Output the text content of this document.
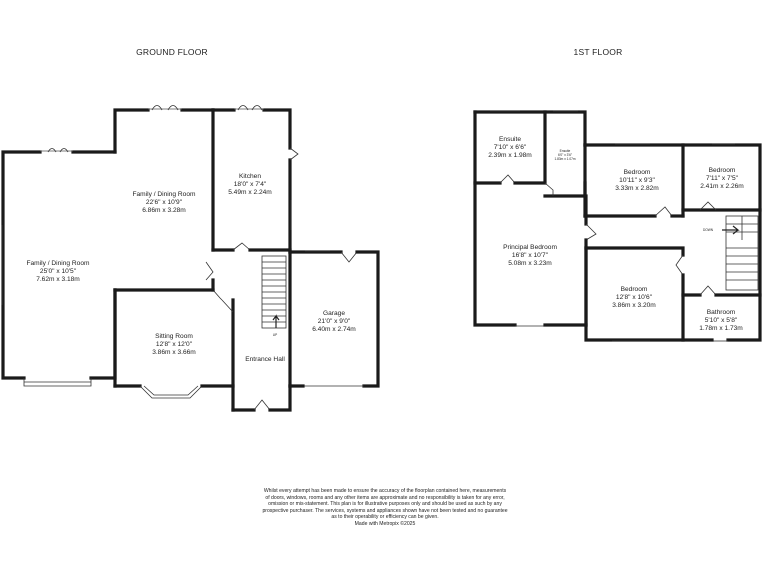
GROUND FLOOR	1ST FLOOR
Family / Dining Room
25'0" x 10'5"
7.62m x 3.18m
Family / Dining Room
22'6" x 10'9"
6.86m x 3.28m
Kitchen
18'0" x 7'4"
5.49m x 2.24m
Sitting Room
12'8" x 12'0"
3.86m x 3.66m
Entrance Hall
UP
Garage
21'0" x 9'0"
6.40m x 2.74m
Ensuite
7'10" x 6'6"
2.39m x 1.98m
Ensuite
6'0" x 3'6"
1.83m x 1.07m
Bedroom
10'11" x 9'3"
3.33m x 2.82m
Bedroom
7'11" x 7'5"
2.41m x 2.26m
Principal Bedroom
16'8" x 10'7"
5.08m x 3.23m
Bedroom
12'8" x 10'6"
3.86m x 3.20m
Bathroom
5'10" x 5'8"
1.78m x 1.73m
DOWN
Whilst every attempt has been made to ensure the accuracy of the floorplan contained here, measurements
of doors, windows, rooms and any other items are approximate and no responsibility is taken for any error,
omission or mis-statement. This plan is for illustrative purposes only and should be used as such by any
prospective purchaser. The services, systems and appliances shown have not been tested and no guarantee
as to their operability or efficiency can be given.
Made with Metropix ©2025
